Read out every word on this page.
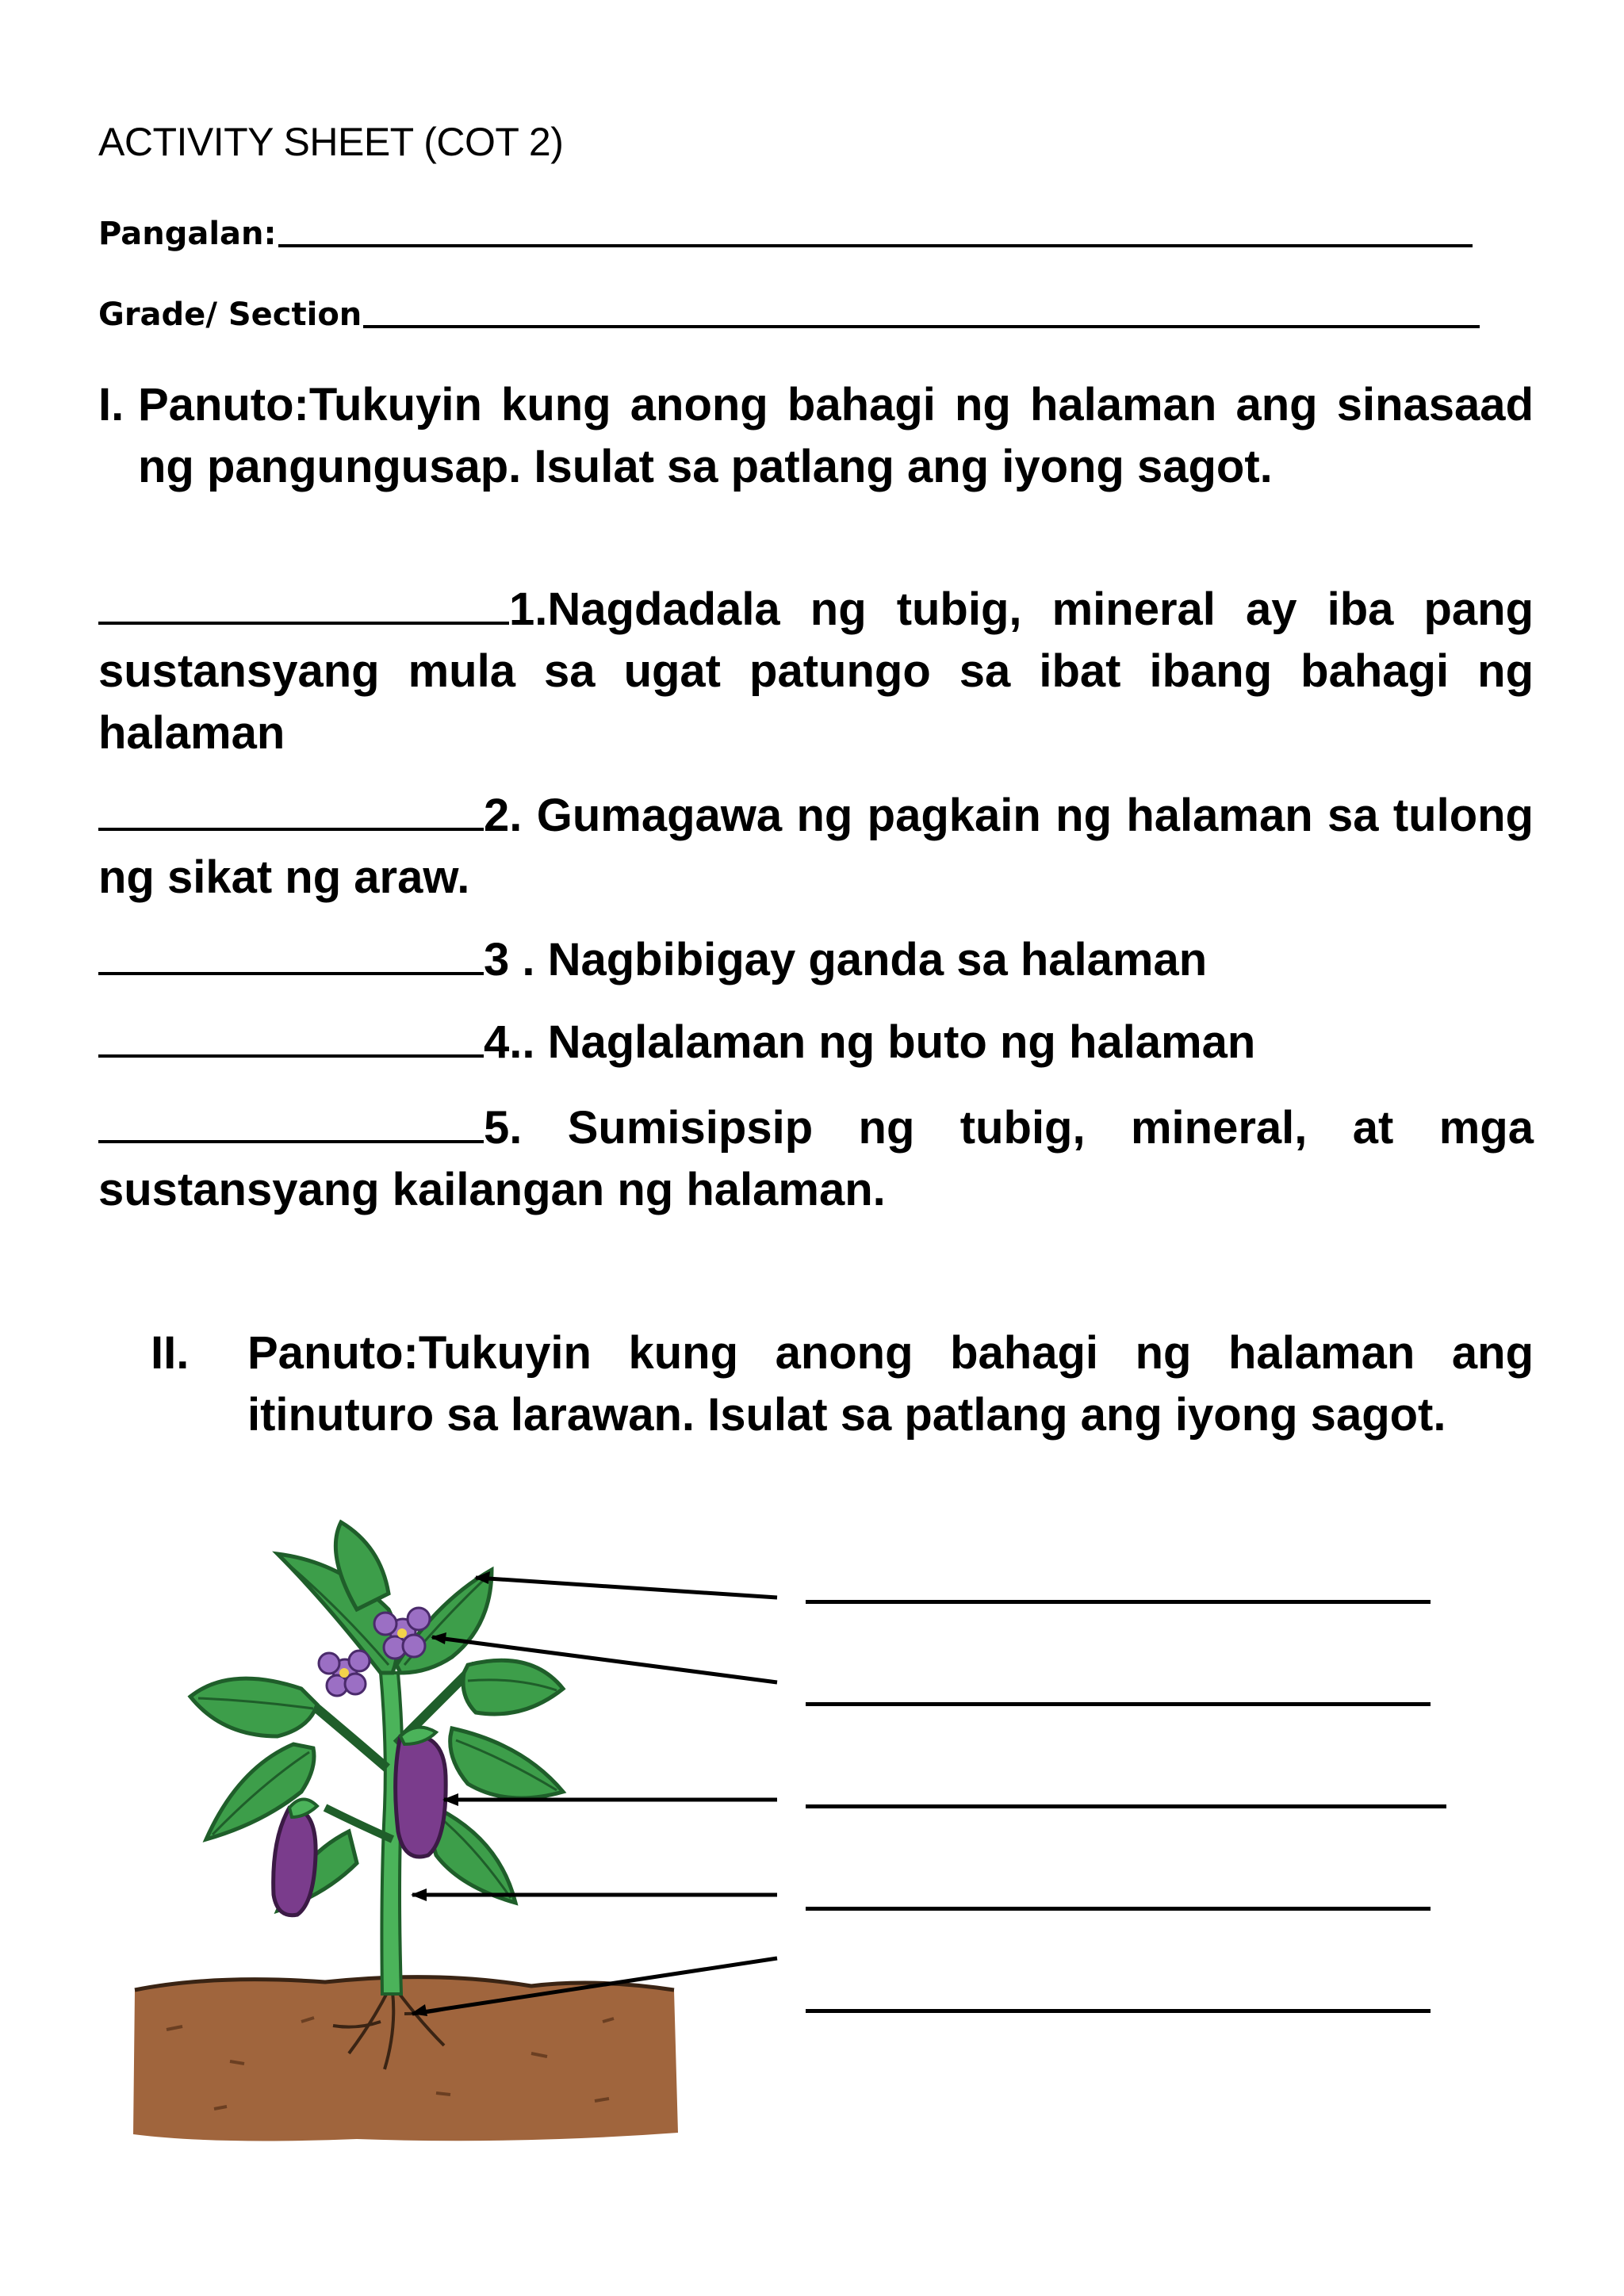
ACTIVITY SHEET (COT 2)
Pangalan:
Grade/ Section
I. Panuto:Tukuyin kung anong bahagi ng halaman ang sinasaad ng pangungusap. Isulat sa patlang ang iyong sagot.
1.Nagdadala ng tubig, mineral ay iba pang sustansyang mula sa ugat patungo sa ibat ibang bahagi ng halaman
2. Gumagawa ng pagkain ng halaman sa tulong ng sikat ng araw.
3 . Nagbibigay ganda sa halaman
4.. Naglalaman ng buto ng halaman
5. Sumisipsip ng tubig, mineral, at mga sustansyang kailangan ng halaman.
II. Panuto:Tukuyin kung anong bahagi ng halaman ang itinuturo sa larawan. Isulat sa patlang ang iyong sagot.
